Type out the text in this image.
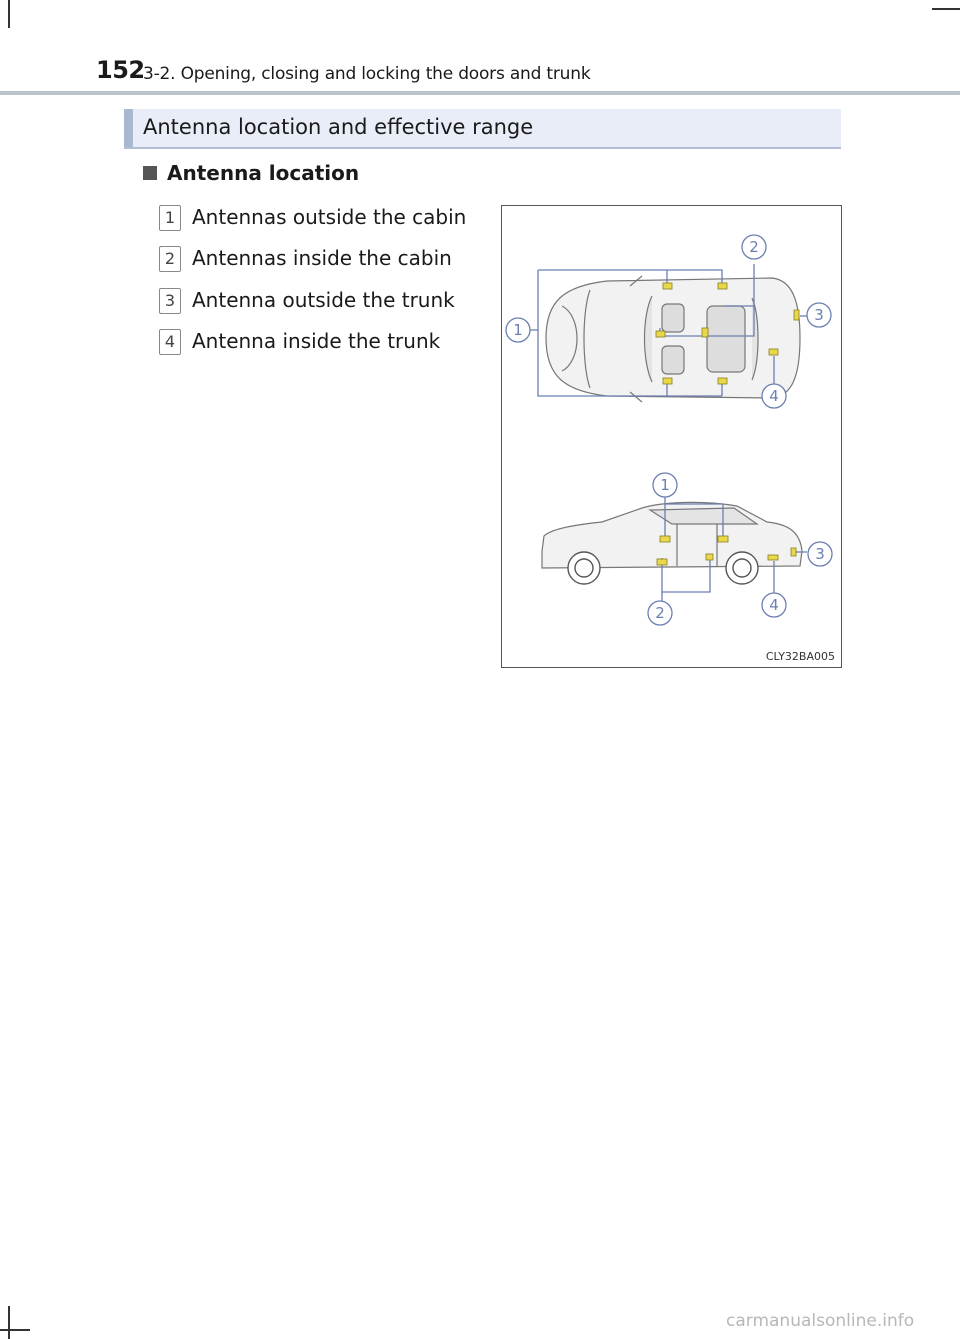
152
3-2. Opening, closing and locking the doors and trunk
Antenna location and effective range
Antenna location
1 Antennas outside the cabin
2 Antennas inside the cabin
3 Antenna outside the trunk
4 Antenna inside the trunk	1
2
3
4
1
2
3
4
CLY32BA005
carmanualsonline.info
